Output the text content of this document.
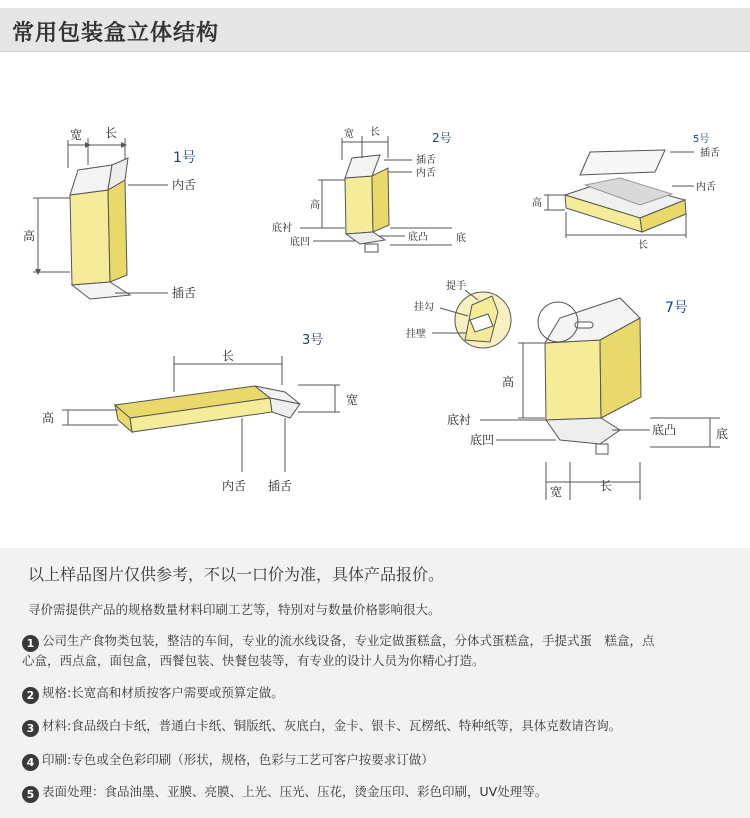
常用包装盒立体结构
宽 长
高
内舌
插舌
1号
宽 长
高
插舌
内舌
底衬
底凹	底凸	底
2号
插舌
内舌
高
长
5号
长
高
宽
内舌 插舌
3号
提手
挂勾
挂壁
高
底衬
底凹
底凸	底
宽	长
7号
以上样品图片仅供参考，不以一口价为准，具体产品报价。
寻价需提供产品的规格数量材料印刷工艺等，特别对与数量价格影响很大。
1 公司生产食物类包装，整洁的车间，专业的流水线设备，专业定做蛋糕盒，分体式蛋糕盒，手提式蛋　糕盒，点
心盒，西点盒，面包盒，西餐包装、快餐包装等，有专业的设计人员为你精心打造。
2 规格:长宽高和材质按客户需要或预算定做。
3 材料:食品级白卡纸，普通白卡纸、铜版纸、灰底白，金卡、银卡、瓦楞纸、特种纸等，具体克数请咨询。
4 印刷:专色或全色彩印刷（形状，规格，色彩与工艺可客户按要求订做）
5 表面处理：食品油墨、亚膜、亮膜、上光、压光、压花，烫金压印、彩色印刷，UV处理等。
